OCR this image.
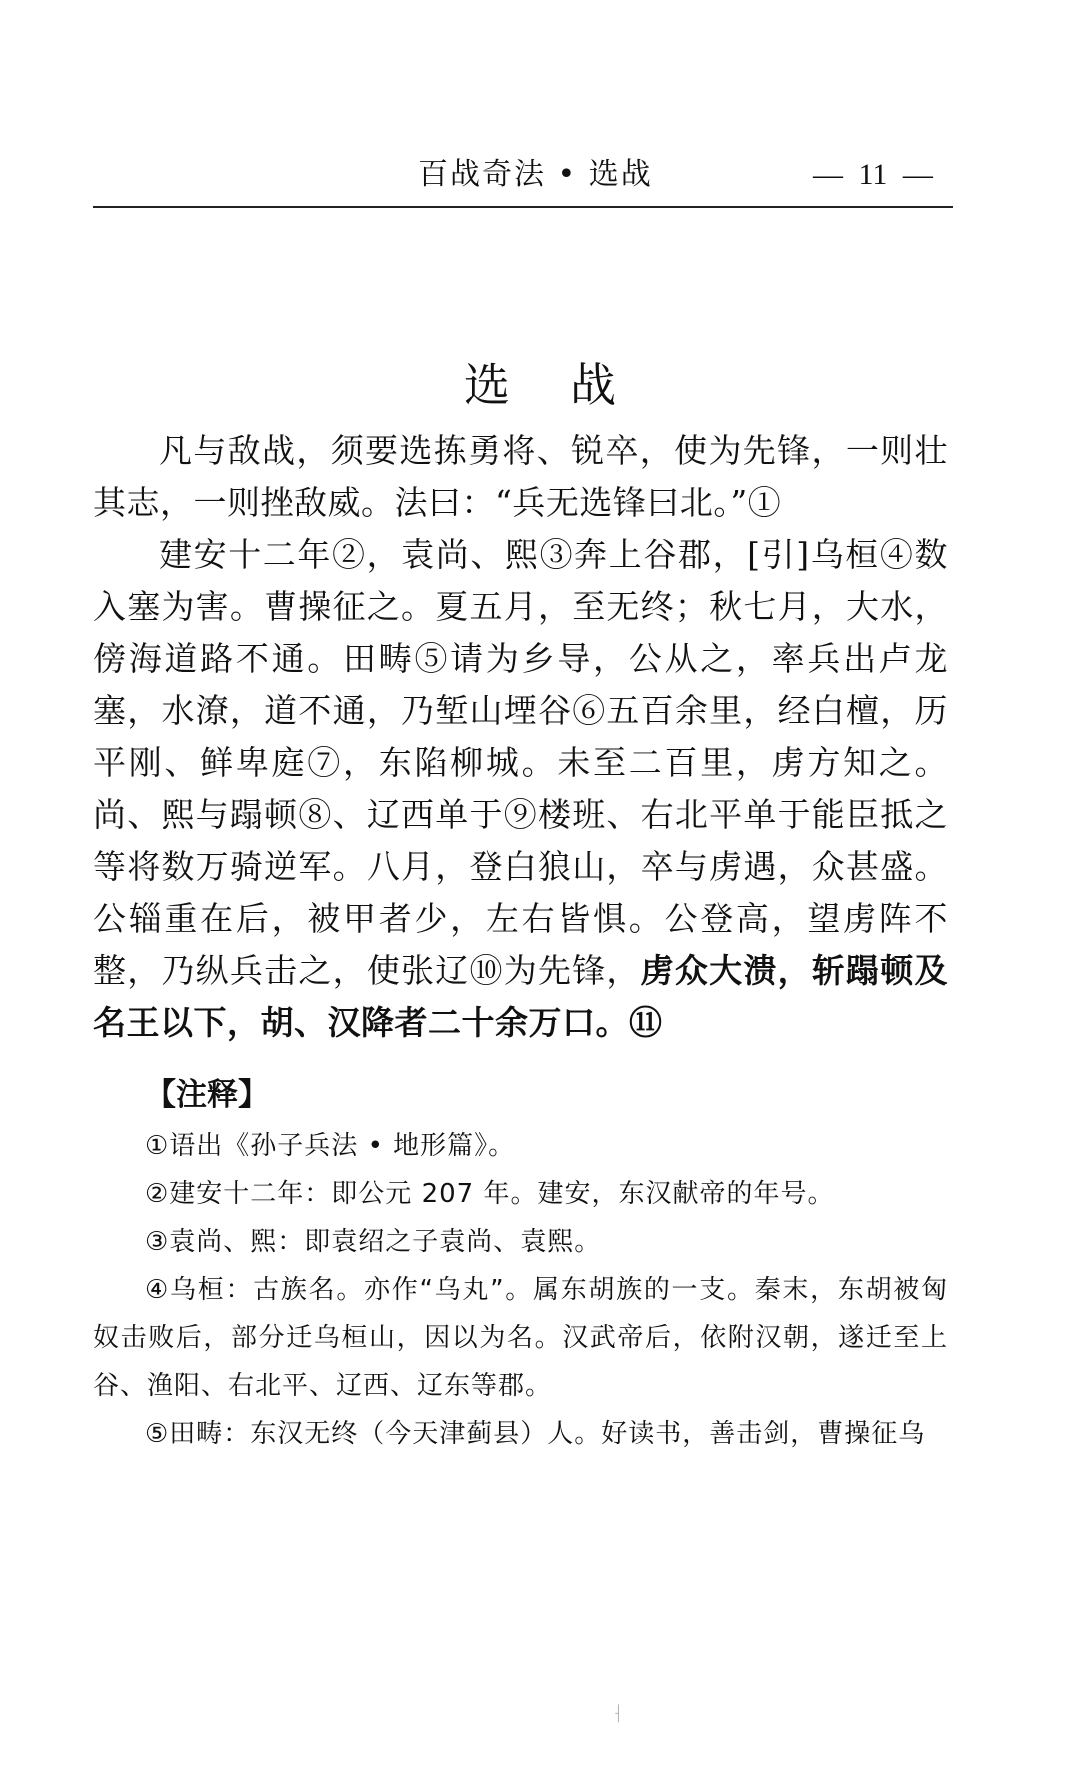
百战奇法 • 选战	— 11 —
选 战

凡与敌战，须要选拣勇将、锐卒，使为先锋，一则壮其志，一则挫敌威。法曰：“兵无选锋曰北。”①

建安十二年②，袁尚、熙③奔上谷郡，[引]乌桓④数入塞为害。曹操征之。夏五月，至无终；秋七月，大水，傍海道路不通。田畴⑤请为乡导，公从之，率兵出卢龙塞，水潦，道不通，乃堑山堙谷⑥五百余里，经白檀，历平刚、鲜卑庭⑦，东陷柳城。未至二百里，虏方知之。尚、熙与蹋顿⑧、辽西单于⑨楼班、右北平单于能臣抵之等将数万骑逆军。八月，登白狼山，卒与虏遇，众甚盛。公辎重在后，被甲者少，左右皆惧。公登高，望虏阵不整，乃纵兵击之，使张辽⑩为先锋，虏众大溃，斩蹋顿及名王以下，胡、汉降者二十余万口。⑪

【注释】

①语出《孙子兵法 • 地形篇》。

②建安十二年：即公元 207 年。建安，东汉献帝的年号。

③袁尚、熙：即袁绍之子袁尚、袁熙。

④乌桓：古族名。亦作“乌丸”。属东胡族的一支。秦末，东胡被匈奴击败后，部分迁乌桓山，因以为名。汉武帝后，依附汉朝，遂迁至上谷、渔阳、右北平、辽西、辽东等郡。

⑤田畴：东汉无终（今天津蓟县）人。好读书，善击剑，曹操征乌

⸡
